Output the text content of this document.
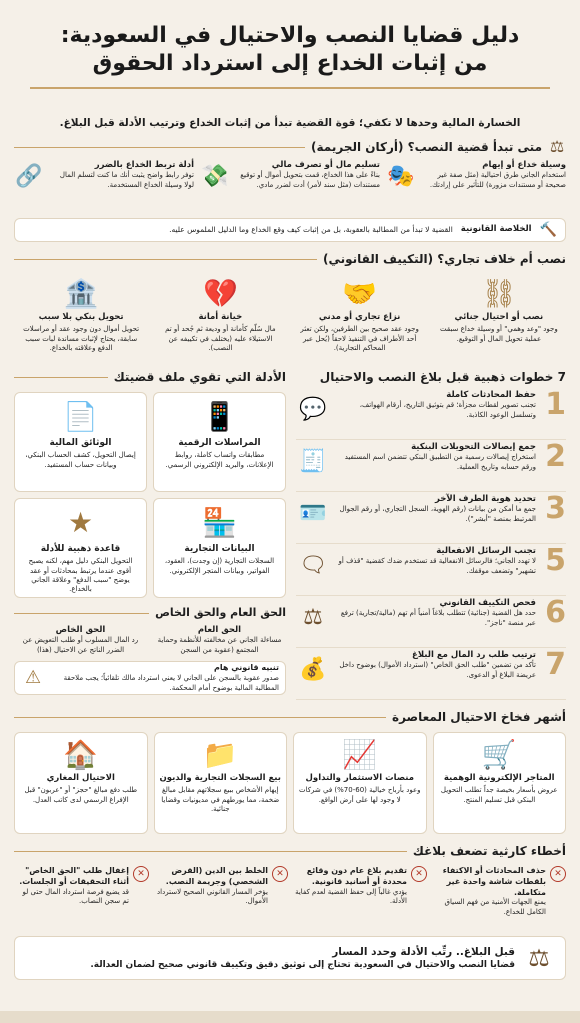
دليل قضايا النصب والاحتيال في السعودية:
من إثبات الخداع إلى استرداد الحقوق
الخسارة المالية وحدها لا تكفي؛ قوة القضية تبدأ من إثبات الخداع وترتيب الأدلة قبل البلاغ.
⚖
متى تبدأ قضية النصب؟ (أركان الجريمة)
وسيلة خداع أو إيهام
استخدام الجاني طرق احتيالية (مثل صفة غير صحيحة أو مستندات مزورة) للتأثير على إرادتك.
🎭
تسليم مال أو تصرف مالي
بناءً على هذا الخداع، قمت بتحويل أموال أو توقيع مستندات (مثل سند لأمر) أدت لضرر مادي.
💸
أدلة تربط الخداع بالضرر
توفر رابط واضح يثبت أنك ما كنت لتسلم المال لولا وسيلة الخداع المستخدمة.
🔗
🔨
الخلاصة القانونية
القضية لا تبدأ من المطالبة بالعقوبة، بل من إثبات كيف وقع الخداع وما الدليل الملموس عليه.
نصب أم خلاف تجاري؟ (التكييف القانوني)
⛓
نصب أو احتيال جنائي
وجود "وعد وهمي" أو وسيلة خداع سبقت عملية تحويل المال أو التوقيع.
🤝
نزاع تجاري أو مدني
وجود عقد صحيح بين الطرفين، ولكن تعثر أحد الأطراف في التنفيذ لاحقاً (يُحل عبر المحاكم التجارية).
💔
خيانة أمانة
مال سُلّم كأمانة أو وديعة ثم جُحد أو تم الاستيلاء عليه (يختلف في تكييفه عن النصب).
🏦
تحويل بنكي بلا سبب
تحويل أموال دون وجود عقد أو مراسلات سابقة، يحتاج لإثبات مساندة لبات سبب الدفع وعلاقته بالخداع.
7 خطوات ذهبية قبل بلاغ النصب والاحتيال
1
حفظ المحادثات كاملة
تجنب تصوير لقطات مجزأة؛ قم بتوثيق التاريخ، أرقام الهواتف، وتسلسل الوعود الكاذبة.
💬
2
جمع إيصالات التحويلات البنكية
استخراج إيصالات رسمية من التطبيق البنكي تتضمن اسم المستفيد ورقم حسابه وتاريخ العملية.
🧾
3
تحديد هوية الطرف الآخر
جمع ما أمكن من بيانات (رقم الهوية، السجل التجاري، أو رقم الجوال المرتبط بمنصة "أبشر").
🪪
5
تجنب الرسائل الانفعالية
لا تهدد الجاني؛ فالرسائل الانفعالية قد تستخدم ضدك كقضية "قذف أو تشهير" وتضعف موقفك.
🗨
6
فحص التكييف القانوني
حدد هل القضية (جنائية) تتطلب بلاغاً أمنياً أم تهم (مالية/تجارية) ترفع عبر منصة "ناجز".
⚖
7
ترتيب طلب رد المال مع البلاغ
تأكد من تضمين "طلب الحق الخاص" (استرداد الأموال) بوضوح داخل عريضة البلاغ أو الدعوى.
💰
الأدلة التي تقوي ملف قضيتك
📱
المراسلات الرقمية
مطابقات واتساب كاملة، روابط الإعلانات، والبريد الإلكتروني الرسمي.
📄
الوثائق المالية
إيصال التحويل، كشف الحساب البنكي، وبيانات حساب المستفيد.
🏪
البيانات التجارية
السجلات التجارية (إن وجدت)، العقود، الفواتير، وبيانات المتجر الإلكتروني.
★
قاعدة ذهبية للأدلة
التحويل البنكي دليل مهم، لكنه يصبح أقوى عندما يرتبط بمحادثات أو عقد يوضح "سبب الدفع" وعلاقة الجاني بالخداع.
الحق العام والحق الخاص
الحق العام
مساءلة الجاني عن مخالفته للأنظمة وحماية المجتمع (عقوبة من السجن
الحق الخاص
رد المال المسلوب أو طلب التعويض عن الضرر الناتج عن الاحتيال (هذا)
تنبيه قانوني هام
صدور عقوبة بالسجن على الجاني لا يعني استرداد مالك تلقائياً؛ يجب ملاحقة المطالبة المالية بوضوح أمام المحكمة.
⚠
أشهر فخاخ الاحتيال المعاصرة
🛒
المتاجر الإلكترونية الوهمية
عروض بأسعار بخيصة جداً تطلب التحويل البنكي قبل تسليم المنتج.
📈
منصات الاستثمار والتداول
وعود بأرباح خيالية (60-70%) في شركات لا وجود لها على أرض الواقع.
📁
بيع السجلات التجارية والديون
إيهام الأشخاص ببيع سجلاتهم مقابل مبالغ ضخمة، مما يورطهم في مديونيات وقضايا جنائية.
🏠
الاحتيال المغاري
طلب دفع مبالغ "حجز" أو "عربون" قبل الإفراغ الرسمي لدى كاتب العدل.
أخطاء كارثية تضعف بلاغك
✕
حذف المحادثات أو الاكتفاء بلقطات شاشة واحدة غير متكاملة.
يمنع الجهات الأمنية من فهم السياق الكامل للخداع.
✕
تقديم بلاغ عام دون وقائع محددة أو أسانيد قانونية.
يؤدي غالباً إلى حفظ القضية لعدم كفاية الأدلة.
✕
الخلط بين الدين (القرض الشخصي) وجريمة النصب.
يؤخر المسار القانوني الصحيح لاسترداد الأموال.
✕
إغفال طلب "الحق الخاص" أثناء التحقيقات أو الجلسات.
قد يضيع فرصة استرداد المال حتى لو تم سجن النصاب.
⚖
قبل البلاغ.. رتِّب الأدلة وحدد المسار
قضايا النصب والاحتيال في السعودية تحتاج إلى توثيق دقيق وتكييف قانوني صحيح لضمان العدالة.
